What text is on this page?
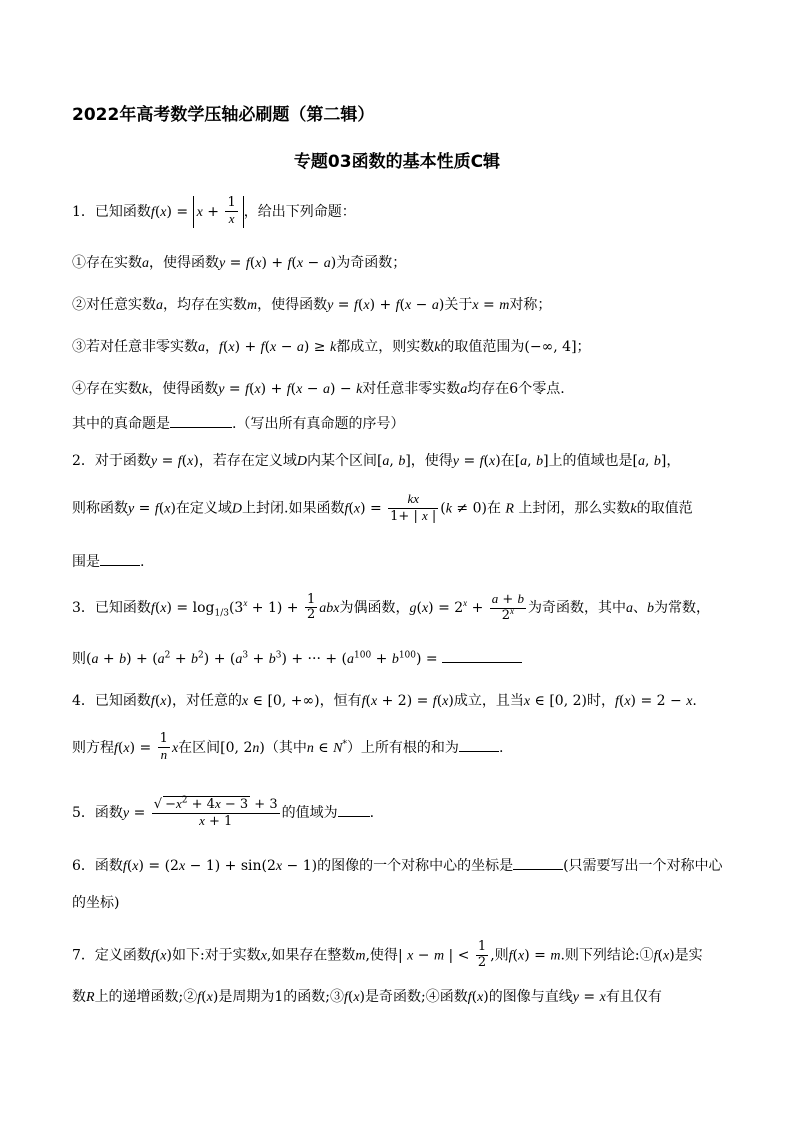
2022年高考数学压轴必刷题（第二辑）
专题03函数的基本性质C辑
1．已知函数$f(x) = x + \frac{1}{x}$ ，给出下列命题：
①存在实数a，使得函数y = f(x) + f(x − a)为奇函数；
②对任意实数a，均存在实数m，使得函数y = f(x) + f(x − a)关于x = m对称；
③若对任意非零实数a，f(x) + f(x − a) ≥ k都成立，则实数k的取值范围为(−∞, 4]；
④存在实数k，使得函数y = f(x) + f(x − a) − k对任意非零实数a均存在6个零点.
其中的真命题是	.（写出所有真命题的序号）
2．对于函数y = f(x)，若存在定义域D内某个区间[a, b]，使得y = f(x)在[a, b]上的值域也是[a, b]，
则称函数y = f(x)在定义域D上封闭.如果函数$f(x) = \frac{kx}{1+ | x |} (k \ne 0)$在 R 上封闭，那么实数k的取值范
围是	.
3．已知函数$f(x) = \log_{1/3}(3^x + 1) + \frac{1}{2}$ abx为偶函数，$g(x) = 2^x + \frac{a + b}{2^x}$ 为奇函数，其中a、b为常数，
则$(a + b) + (a^2 + b^2) + (a^3 + b^3)$ + ··· + $(a^{100} + b^{100})$ =
4．已知函数f(x)，对任意的x ∈ [0, +∞)，恒有f(x + 2) = f(x)成立，且当x ∈ [0, 2)时，f(x) = 2 − x.
则方程$f(x) = \frac{1}{n}$ x在区间[0, 2n)（其中n ∈ N*）上所有根的和为	.
5．函数$y = \frac{√ -x^2 + 4x - 3 + 3}{x + 1}$ 的值域为 .
6．函数f(x) = (2x − 1) + sin(2x − 1)的图像的一个对称中心的坐标是	(只需要写出一个对称中心
的坐标)
7．定义函数f(x)如下:对于实数x,如果存在整数m,使得| x − m | < $\frac{1}{2}$ ,则f(x) = m.则下列结论:①f(x)是实
数R上的递增函数;②f(x)是周期为1的函数;③f(x)是奇函数;④函数f(x)的图像与直线y = x有且仅有
